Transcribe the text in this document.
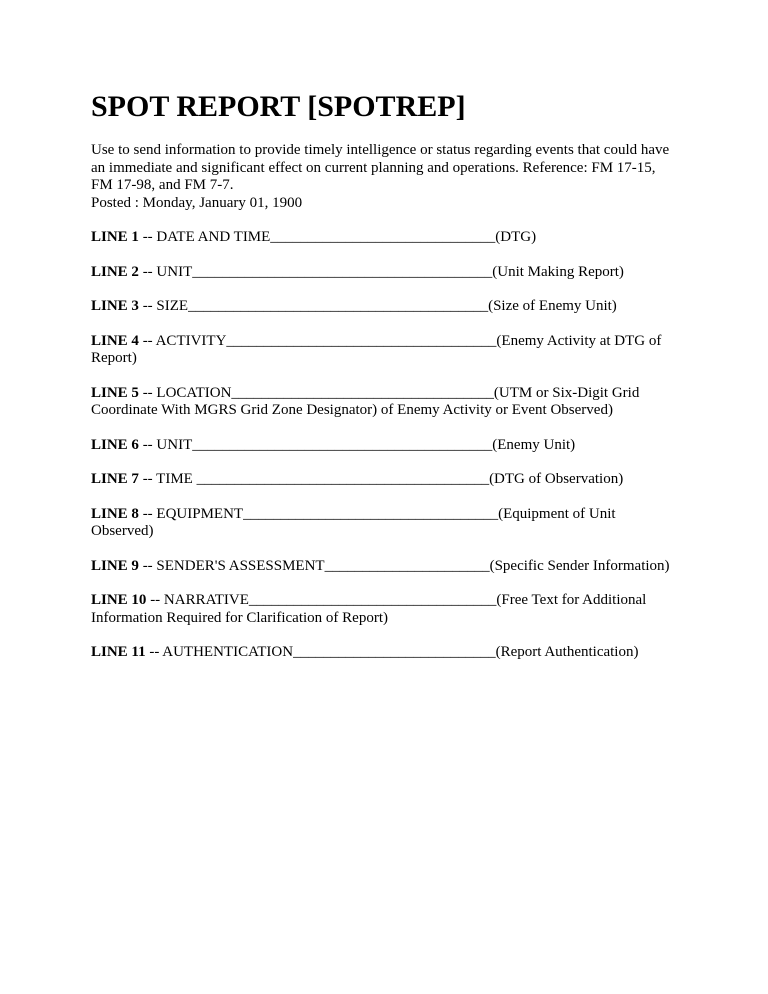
SPOT REPORT [SPOTREP]

Use to send information to provide timely intelligence or status regarding events that could have
an immediate and significant effect on current planning and operations. Reference: FM 17-15,
FM 17-98, and FM 7-7.
Posted : Monday, January 01, 1900

LINE 1 -- DATE AND TIME______________________________(DTG)

LINE 2 -- UNIT________________________________________(Unit Making Report)

LINE 3 -- SIZE________________________________________(Size of Enemy Unit)

LINE 4 -- ACTIVITY____________________________________(Enemy Activity at DTG of Report)

LINE 5 -- LOCATION___________________________________(UTM or Six-Digit Grid Coordinate With MGRS Grid Zone Designator) of Enemy Activity or Event Observed)

LINE 6 -- UNIT________________________________________(Enemy Unit)

LINE 7 -- TIME _______________________________________(DTG of Observation)

LINE 8 -- EQUIPMENT__________________________________(Equipment of Unit Observed)

LINE 9 -- SENDER'S ASSESSMENT______________________(Specific Sender Information)

LINE 10 -- NARRATIVE_________________________________(Free Text for Additional Information Required for Clarification of Report)

LINE 11 -- AUTHENTICATION___________________________(Report Authentication)
